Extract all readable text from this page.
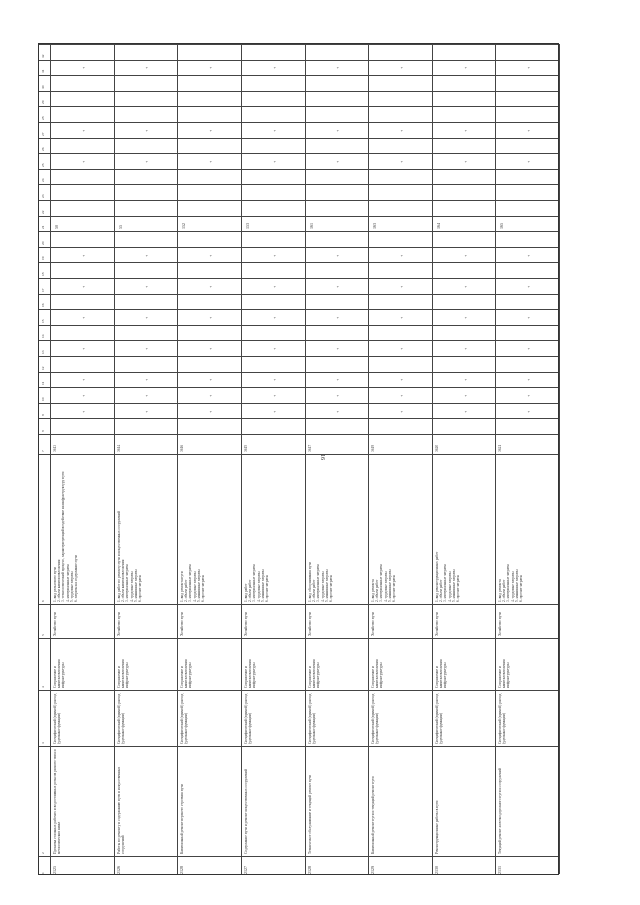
16
1
2
3
4
5
6
7
8
9
10
11
12
13
14
15
16
17
18
19
20
21
22
23
24
25
26
27
28
29
30
31
32
2125
Прокатка стальных рабочих и водоотливных рельсов разного типа и металлических шпал
Специфический (прямой) расход (удельные функции)
Сопряжение и капиталовложения инфраструктуры
Хозяйство пути
1. вид рельсового пути
2. объем капиталовложения
3. технологический процесс, характеризующий воздействие на инфраструктуру пути
4. материальные затраты
5. трудовые затраты
6. затраты на содержание пути
3613
+
+
+
+
+
+
+
+
+
+
50
2126
Работы по ремонту и содержанию пути и искусственных сооружений
Специфический (прямой) расход (удельные функции)
Сопряжение и капиталовложения инфраструктуры
Хозяйство пути
1. вид работ по ремонту пути и искусственных сооружений
2. объем капиталовложения
3. материальные затраты
4. трудовые затраты
5. машинные затраты
6. прочие затраты
3614
+
+
+
+
+
+
+
+
+
+
55
2128
Капитальный ремонт верхнего строения пути
Специфический (прямой) расход (удельные функции)
Сопряжение и капиталовложения инфраструктуры
Хозяйство пути
1. вид ремонта пути
2. объем работ
3. материальные затраты
4. трудовые затраты
5. машинные затраты
6. прочие затраты
3616
+
+
+
+
+
+
+
+
+
+
152
2127
Содержание пути и ремонт искусственных сооружений
Специфический (прямой) расход (удельные функции)
Сопряжение и капиталовложения инфраструктуры
Хозяйство пути
1. вид работ
2. объем работ
3. материальные затраты
4. трудовые затраты
5. машинные затраты
6. прочие затраты
3615
+
+
+
+
+
+
+
+
+
+
153
2128
Техническое обслуживание и текущий ремонт пути
Специфический (прямой) расход (удельные функции)
Сопряжение и капиталовложения инфраструктуры
Хозяйство пути
1. вид обслуживания пути
2. объем работ
3. материальные затраты
4. трудовые затраты
5. машинные затраты
6. прочие затраты
3617
+
+
+
+
+
+
+
+
+
+
161
2129
Капитальный ремонт пути и текущий ремонт пути
Специфический (прямой) расход (удельные функции)
Сопряжение и капиталовложения инфраструктуры
Хозяйство пути
1. вид ремонта
2. объем работ
3. материальные затраты
4. трудовые затраты
5. машинные затраты
6. прочие затраты
3619
+
+
+
+
+
+
+
+
+
+
163
2130
Реконструкционные работы в пути
Специфический (прямой) расход (удельные функции)
Сопряжение и капиталовложения инфраструктуры
Хозяйство пути
1. вид реконструкционных работ
2. объем работ
3. материальные затраты
4. трудовые затраты
5. машинные затраты
6. прочие затраты
3620
+
+
+
+
+
+
+
+
+
+
164
2131
Текущий ремонт железнодорожного пути и сооружений
Специфический (прямой) расход (удельные функции)
Сопряжение и капиталовложения инфраструктуры
Хозяйство пути
1. вид ремонта
2. объем работ
3. материальные затраты
4. трудовые затраты
5. машинные затраты
6. прочие затраты
3621
+
+
+
+
+
+
+
+
+
+
165
